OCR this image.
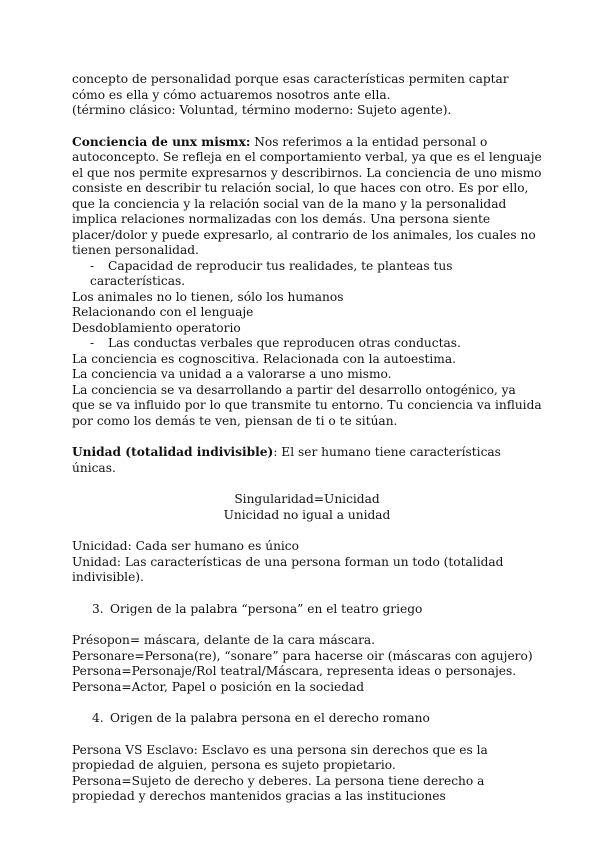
concepto de personalidad porque esas características permiten captar cómo es ella y cómo actuaremos nosotros ante ella.

(término clásico: Voluntad, término moderno: Sujeto agente).

Conciencia de unx mismx: Nos referimos a la entidad personal o autoconcepto. Se refleja en el comportamiento verbal, ya que es el lenguaje el que nos permite expresarnos y describirnos. La conciencia de uno mismo consiste en describir tu relación social, lo que haces con otro. Es por ello, que la conciencia y la relación social van de la mano y la personalidad implica relaciones normalizadas con los demás. Una persona siente placer/dolor y puede expresarlo, al contrario de los animales, los cuales no tienen personalidad.

- Capacidad de reproducir tus realidades, te planteas tus características.

Los animales no lo tienen, sólo los humanos

Relacionando con el lenguaje

Desdoblamiento operatorio

- Las conductas verbales que reproducen otras conductas.

La conciencia es cognoscitiva. Relacionada con la autoestima.

La conciencia va unidad a a valorarse a uno mismo.

La conciencia se va desarrollando a partir del desarrollo ontogénico, ya que se va influido por lo que transmite tu entorno. Tu conciencia va influida por como los demás te ven, piensan de ti o te sitúan.

Unidad (totalidad indivisible): El ser humano tiene características únicas.

Singularidad=Unicidad

Unicidad no igual a unidad

Unicidad: Cada ser humano es único

Unidad: Las características de una persona forman un todo (totalidad indivisible).

3. Origen de la palabra “persona” en el teatro griego

Présopon= máscara, delante de la cara máscara.

Personare=Persona(re), “sonare” para hacerse oir (máscaras con agujero)

Persona=Personaje/Rol teatral/Máscara, representa ideas o personajes.

Persona=Actor, Papel o posición en la sociedad

4. Origen de la palabra persona en el derecho romano

Persona VS Esclavo: Esclavo es una persona sin derechos que es la propiedad de alguien, persona es sujeto propietario.

Persona=Sujeto de derecho y deberes. La persona tiene derecho a propiedad y derechos mantenidos gracias a las instituciones
